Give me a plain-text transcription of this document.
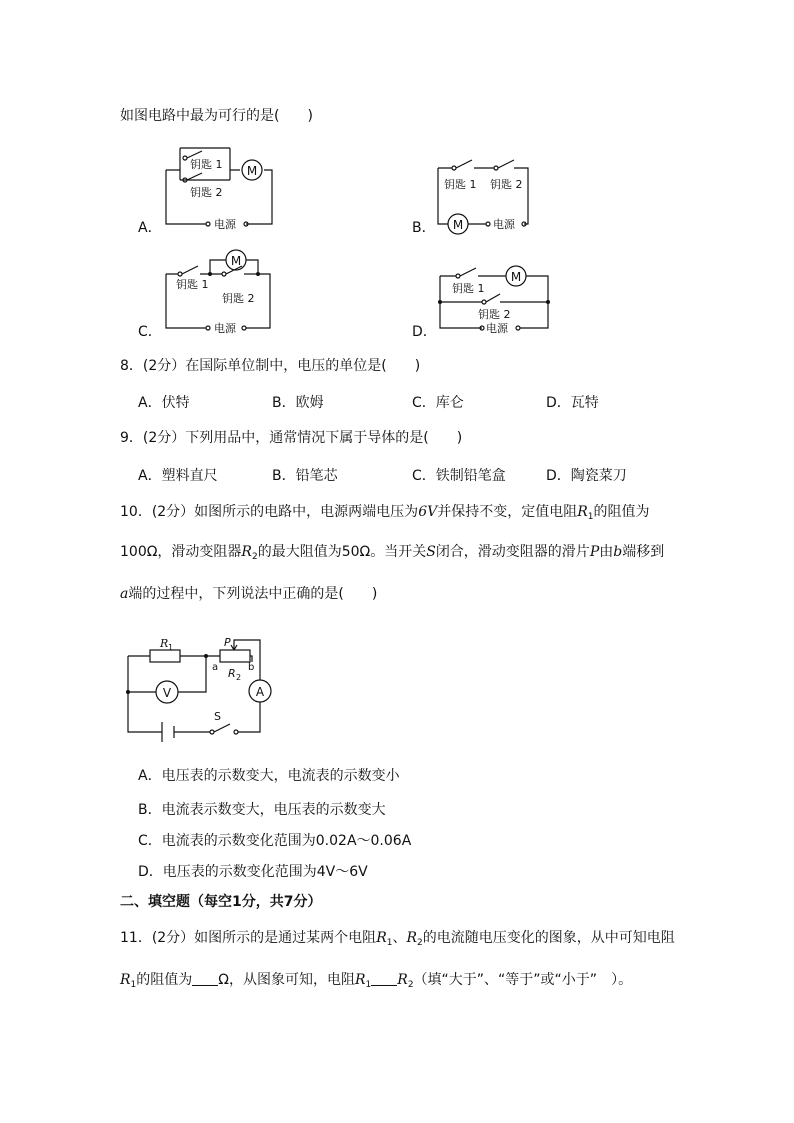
如图电路中最为可行的是(　　)
M
钥匙 1
钥匙 2
电源
A．
钥匙 1 钥匙 2
M	电源
B．
M
钥匙 1
钥匙 2
电源
C．
M
钥匙 1
钥匙 2
电源
D．
8．(2分）在国际单位制中，电压的单位是(　　)
A．伏特	B．欧姆	C．库仑	D．瓦特
9．(2分）下列用品中，通常情况下属于导体的是(　　)
A．塑料直尺	B．铅笔芯	C．铁制铅笔盒	D．陶瓷菜刀
10．(2分）如图所示的电路中，电源两端电压为6V并保持不变，定值电阻$R_1$的阻值为
100Ω，滑动变阻器$R_2$的最大阻值为50Ω。当开关S闭合，滑动变阻器的滑片P由b端移到
a端的过程中，下列说法中正确的是(　　)
V	A
R 1	P
R 2
a	b
S
A．电压表的示数变大，电流表的示数变小
B．电流表示数变大，电压表的示数变大
C．电流表的示数变化范围为0.02A～0.06A
D．电压表的示数变化范围为4V～6V
二、填空题（每空1分，共7分）
11．(2分）如图所示的是通过某两个电阻$R_1$、$R_2$的电流随电压变化的图象，从中可知电阻
$R_1$的阻值为 Ω，从图象可知，电阻$R_1$ $R_2$（填“大于”、“等于”或“小于”　）。
